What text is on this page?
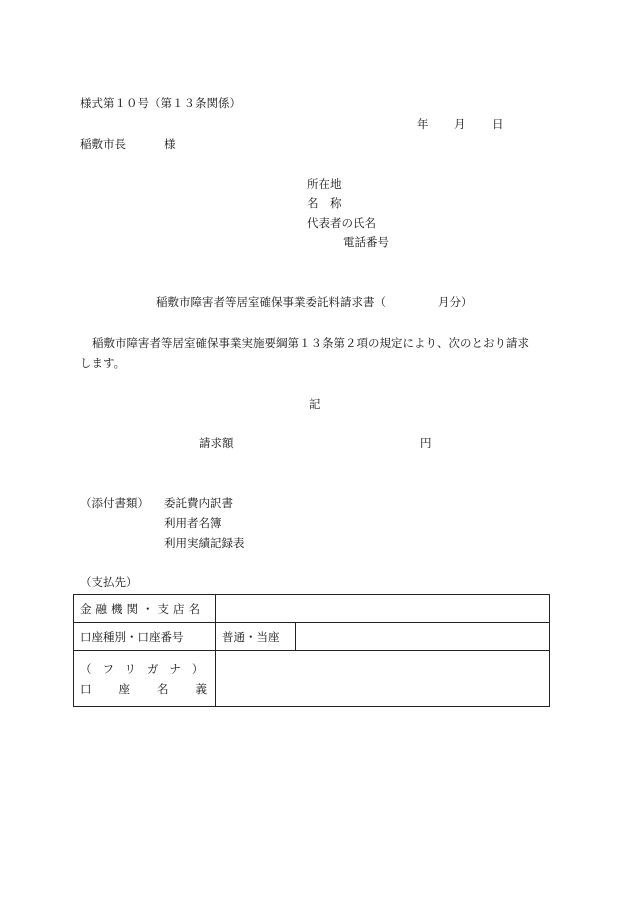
様式第１０号（第１３条関係）
年 月 日
稲敷市長	様
所在地
名　称
代表者の氏名
電話番号
稲敷市障害者等居室確保事業委託料請求書（	月分）
稲敷市障害者等居室確保事業実施要綱第１３条第２項の規定により、次のとおり請求
します。
記
請求額	円
（添付書類） 委託費内訳書
利用者名簿
利用実績記録表
（支払先）
金融機関・支店名		

口座種別・口座番号	普通・当座	

（フリガナ）
口座名義		
